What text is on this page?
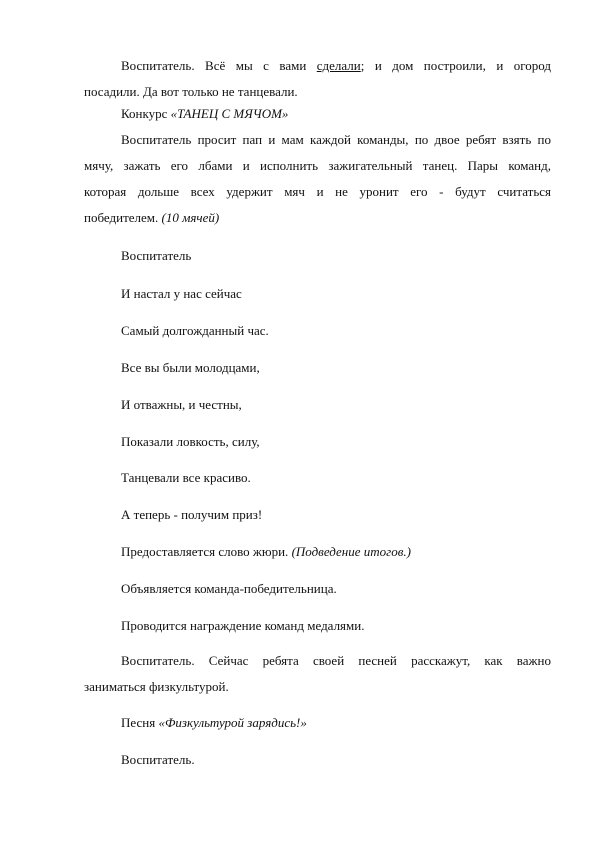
Воспитатель. Всё мы с вами сделали; и дом построили, и огород
посадили. Да вот только не танцевали.

Конкурс «ТАНЕЦ С МЯЧОМ»

Воспитатель просит пап и мам каждой команды, по двое ребят взять по
мячу, зажать его лбами и исполнить зажигательный танец. Пары команд,
которая дольше всех удержит мяч и не уронит его - будут считаться
победителем. (10 мячей)

Воспитатель

И настал у нас сейчас

Самый долгожданный час.

Все вы были молодцами,

И отважны, и честны,

Показали ловкость, силу,

Танцевали все красиво.

А теперь - получим приз!

Предоставляется слово жюри. (Подведение итогов.)

Объявляется команда-победительница.

Проводится награждение команд медалями.

Воспитатель. Сейчас ребята своей песней расскажут, как важно
заниматься физкультурой.

Песня «Физкультурой зарядись!»

Воспитатель.
